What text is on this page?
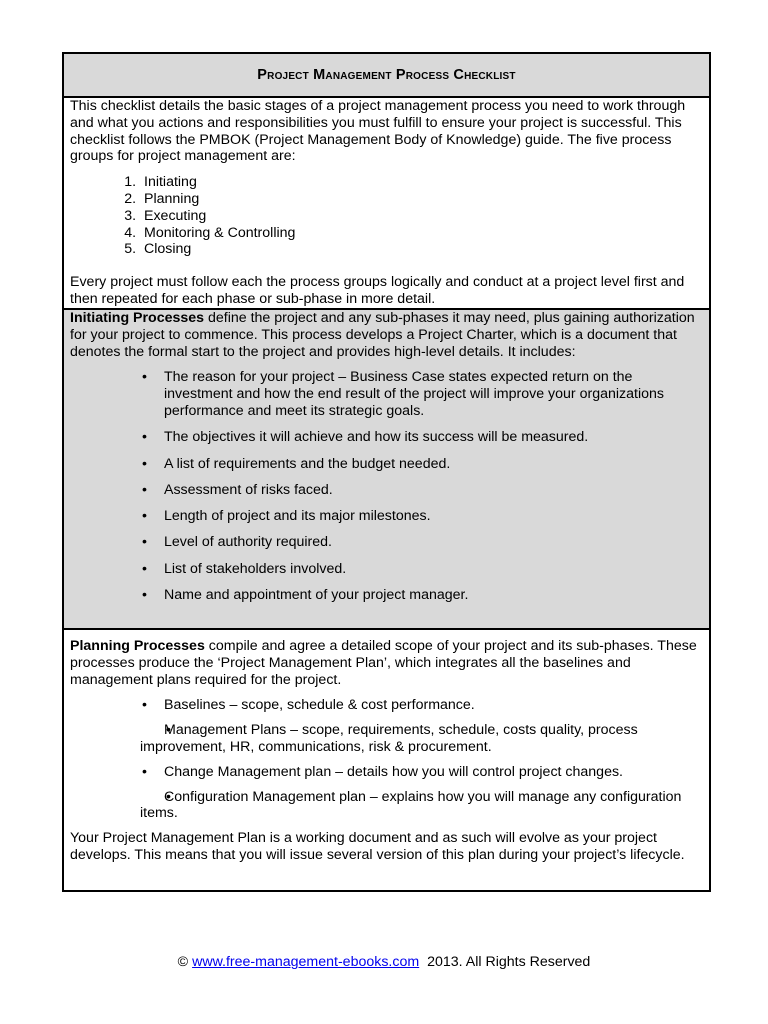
Project Management Process Checklist

This checklist details the basic stages of a project management process you need to work through and what you actions and responsibilities you must fulfill to ensure your project is successful. This checklist follows the PMBOK (Project Management Body of Knowledge) guide. The five process groups for project management are:

1. Initiating
2. Planning
3. Executing
4. Monitoring & Controlling
5. Closing

Every project must follow each the process groups logically and conduct at a project level first and then repeated for each phase or sub-phase in more detail.

Initiating Processes define the project and any sub-phases it may need, plus gaining authorization for your project to commence. This process develops a Project Charter, which is a document that denotes the formal start to the project and provides high-level details. It includes:

• The reason for your project – Business Case states expected return on the investment and how the end result of the project will improve your organizations performance and meet its strategic goals.
• The objectives it will achieve and how its success will be measured.
• A list of requirements and the budget needed.
• Assessment of risks faced.
• Length of project and its major milestones.
• Level of authority required.
• List of stakeholders involved.
• Name and appointment of your project manager.

Planning Processes compile and agree a detailed scope of your project and its sub-phases. These processes produce the ‘Project Management Plan’, which integrates all the baselines and management plans required for the project.

• Baselines – scope, schedule & cost performance.
• Management Plans – scope, requirements, schedule, costs quality, process improvement, HR, communications, risk & procurement.
• Change Management plan – details how you will control project changes.
• Configuration Management plan – explains how you will manage any configuration items.

Your Project Management Plan is a working document and as such will evolve as your project develops. This means that you will issue several version of this plan during your project’s lifecycle.

© www.free-management-ebooks.com 2013. All Rights Reserved
